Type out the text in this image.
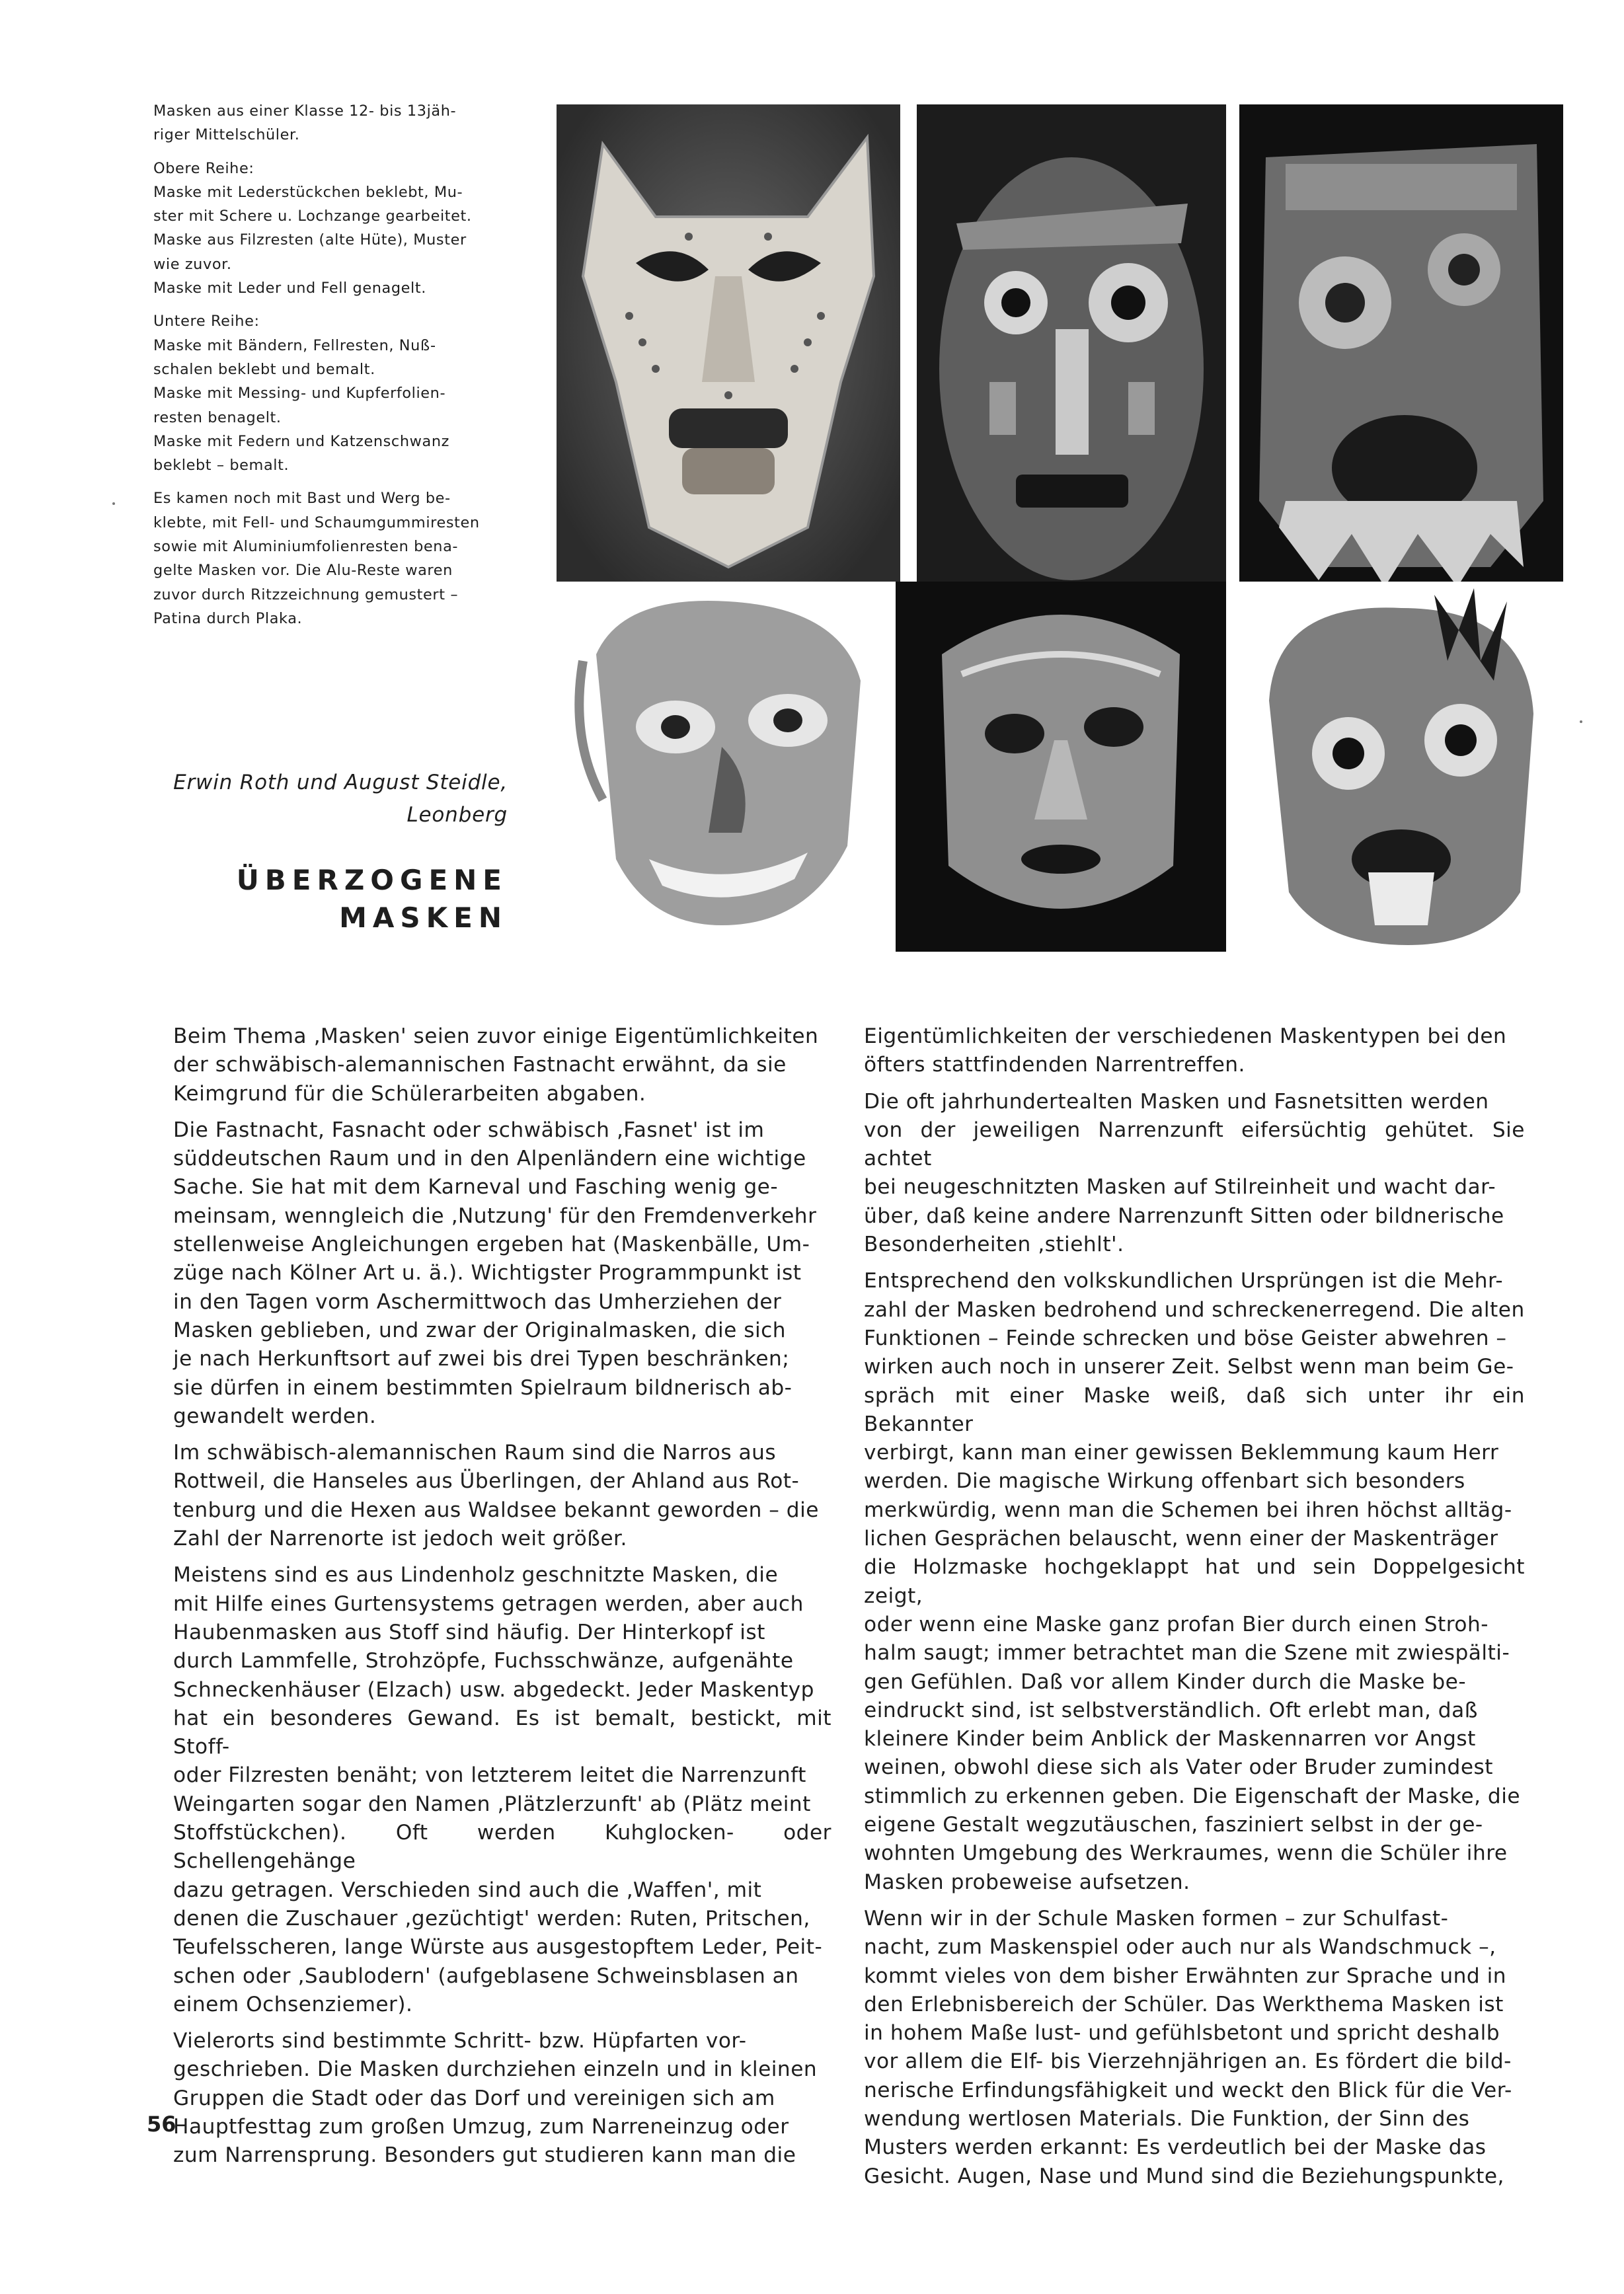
Masken aus einer Klasse 12- bis 13jäh-
riger Mittelschüler.

Obere Reihe:
Maske mit Lederstückchen beklebt, Mu-
ster mit Schere u. Lochzange gearbeitet.
Maske aus Filzresten (alte Hüte), Muster
wie zuvor.
Maske mit Leder und Fell genagelt.

Untere Reihe:
Maske mit Bändern, Fellresten, Nuß-
schalen beklebt und bemalt.
Maske mit Messing- und Kupferfolien-
resten benagelt.
Maske mit Federn und Katzenschwanz
beklebt – bemalt.

Es kamen noch mit Bast und Werg be-
klebte, mit Fell- und Schaumgummiresten
sowie mit Aluminiumfolienresten bena-
gelte Masken vor. Die Alu-Reste waren
zuvor durch Ritzzeichnung gemustert –
Patina durch Plaka.

Erwin Roth und August Steidle,
Leonberg
ÜBERZOGENE
MASKEN

Beim Thema ‚Masken' seien zuvor einige Eigentümlichkeiten
der schwäbisch-alemannischen Fastnacht erwähnt, da sie
Keimgrund für die Schülerarbeiten abgaben.

Die Fastnacht, Fasnacht oder schwäbisch ‚Fasnet' ist im
süddeutschen Raum und in den Alpenländern eine wichtige
Sache. Sie hat mit dem Karneval und Fasching wenig ge-
meinsam, wenngleich die ‚Nutzung' für den Fremdenverkehr
stellenweise Angleichungen ergeben hat (Maskenbälle, Um-
züge nach Kölner Art u. ä.). Wichtigster Programmpunkt ist
in den Tagen vorm Aschermittwoch das Umherziehen der
Masken geblieben, und zwar der Originalmasken, die sich
je nach Herkunftsort auf zwei bis drei Typen beschränken;
sie dürfen in einem bestimmten Spielraum bildnerisch ab-
gewandelt werden.

Im schwäbisch-alemannischen Raum sind die Narros aus
Rottweil, die Hanseles aus Überlingen, der Ahland aus Rot-
tenburg und die Hexen aus Waldsee bekannt geworden – die
Zahl der Narrenorte ist jedoch weit größer.

Meistens sind es aus Lindenholz geschnitzte Masken, die
mit Hilfe eines Gurtensystems getragen werden, aber auch
Haubenmasken aus Stoff sind häufig. Der Hinterkopf ist
durch Lammfelle, Strohzöpfe, Fuchsschwänze, aufgenähte
Schneckenhäuser (Elzach) usw. abgedeckt. Jeder Maskentyp
hat ein besonderes Gewand. Es ist bemalt, bestickt, mit Stoff-
oder Filzresten benäht; von letzterem leitet die Narrenzunft
Weingarten sogar den Namen ‚Plätzlerzunft' ab (Plätz meint
Stoffstückchen). Oft werden Kuhglocken- oder Schellengehänge
dazu getragen. Verschieden sind auch die ‚Waffen', mit
denen die Zuschauer ‚gezüchtigt' werden: Ruten, Pritschen,
Teufelsscheren, lange Würste aus ausgestopftem Leder, Peit-
schen oder ‚Saublodern' (aufgeblasene Schweinsblasen an
einem Ochsenziemer).

Vielerorts sind bestimmte Schritt- bzw. Hüpfarten vor-
geschrieben. Die Masken durchziehen einzeln und in kleinen
Gruppen die Stadt oder das Dorf und vereinigen sich am
Hauptfesttag zum großen Umzug, zum Narreneinzug oder
zum Narrensprung. Besonders gut studieren kann man die

Eigentümlichkeiten der verschiedenen Maskentypen bei den
öfters stattfindenden Narrentreffen.

Die oft jahrhundertealten Masken und Fasnetsitten werden
von der jeweiligen Narrenzunft eifersüchtig gehütet. Sie achtet
bei neugeschnitzten Masken auf Stilreinheit und wacht dar-
über, daß keine andere Narrenzunft Sitten oder bildnerische
Besonderheiten ‚stiehlt'.

Entsprechend den volkskundlichen Ursprüngen ist die Mehr-
zahl der Masken bedrohend und schreckenerregend. Die alten
Funktionen – Feinde schrecken und böse Geister abwehren –
wirken auch noch in unserer Zeit. Selbst wenn man beim Ge-
spräch mit einer Maske weiß, daß sich unter ihr ein Bekannter
verbirgt, kann man einer gewissen Beklemmung kaum Herr
werden. Die magische Wirkung offenbart sich besonders
merkwürdig, wenn man die Schemen bei ihren höchst alltäg-
lichen Gesprächen belauscht, wenn einer der Maskenträger
die Holzmaske hochgeklappt hat und sein Doppelgesicht zeigt,
oder wenn eine Maske ganz profan Bier durch einen Stroh-
halm saugt; immer betrachtet man die Szene mit zwiespälti-
gen Gefühlen. Daß vor allem Kinder durch die Maske be-
eindruckt sind, ist selbstverständlich. Oft erlebt man, daß
kleinere Kinder beim Anblick der Maskennarren vor Angst
weinen, obwohl diese sich als Vater oder Bruder zumindest
stimmlich zu erkennen geben. Die Eigenschaft der Maske, die
eigene Gestalt wegzutäuschen, fasziniert selbst in der ge-
wohnten Umgebung des Werkraumes, wenn die Schüler ihre
Masken probeweise aufsetzen.

Wenn wir in der Schule Masken formen – zur Schulfast-
nacht, zum Maskenspiel oder auch nur als Wandschmuck –,
kommt vieles von dem bisher Erwähnten zur Sprache und in
den Erlebnisbereich der Schüler. Das Werkthema Masken ist
in hohem Maße lust- und gefühlsbetont und spricht deshalb
vor allem die Elf- bis Vierzehnjährigen an. Es fördert die bild-
nerische Erfindungsfähigkeit und weckt den Blick für die Ver-
wendung wertlosen Materials. Die Funktion, der Sinn des
Musters werden erkannt: Es verdeutlich bei der Maske das
Gesicht. Augen, Nase und Mund sind die Beziehungspunkte,

56
